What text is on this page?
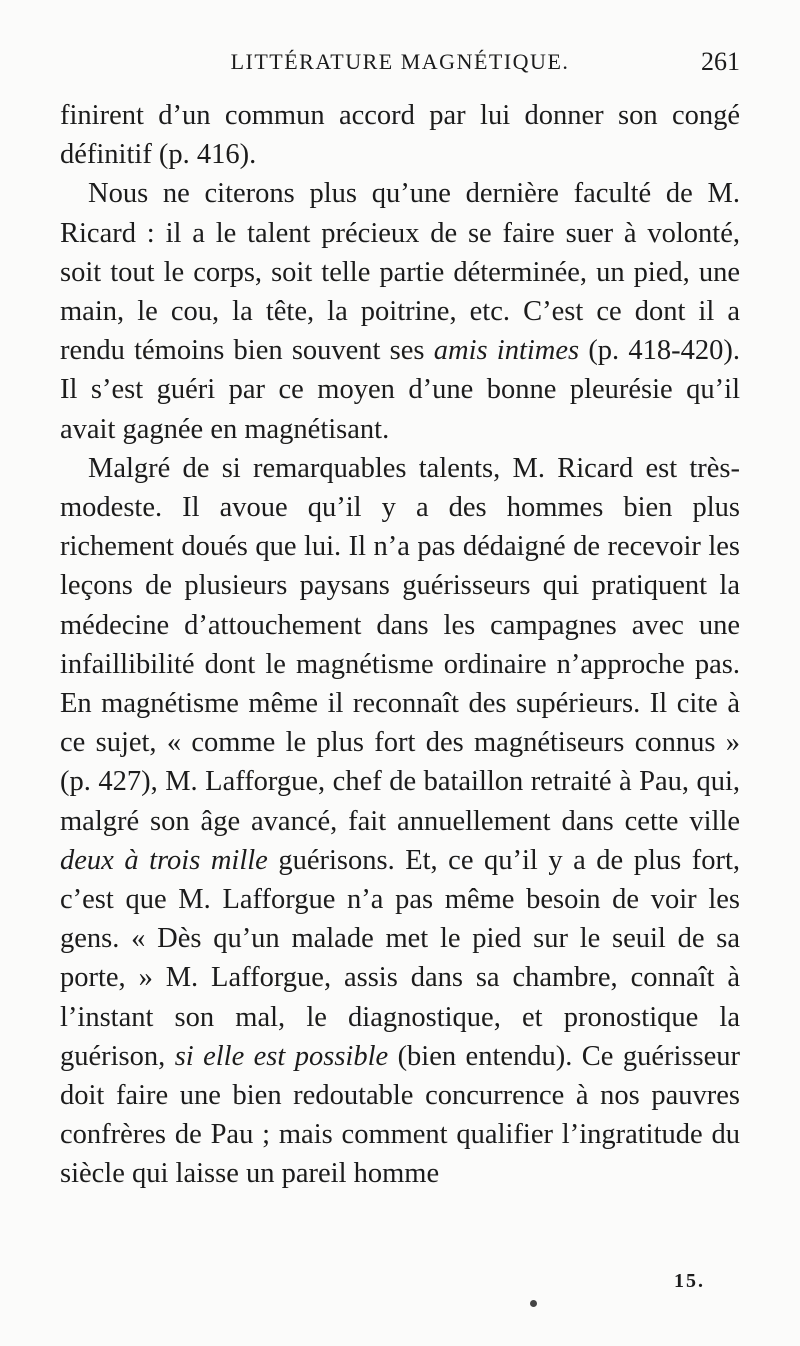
LITTÉRATURE MAGNÉTIQUE.	261

finirent d’un commun accord par lui donner son congé définitif (p. 416).

Nous ne citerons plus qu’une dernière faculté de M. Ricard : il a le talent précieux de se faire suer à volonté, soit tout le corps, soit telle partie déterminée, un pied, une main, le cou, la tête, la poitrine, etc. C’est ce dont il a rendu témoins bien souvent ses amis intimes (p. 418-420). Il s’est guéri par ce moyen d’une bonne pleurésie qu’il avait gagnée en magnétisant.

Malgré de si remarquables talents, M. Ricard est très-modeste. Il avoue qu’il y a des hommes bien plus richement doués que lui. Il n’a pas dédaigné de recevoir les leçons de plusieurs paysans guérisseurs qui pratiquent la médecine d’attouchement dans les campagnes avec une infaillibilité dont le magnétisme ordinaire n’approche pas. En magnétisme même il reconnaît des supérieurs. Il cite à ce sujet, « comme le plus fort des magnétiseurs connus » (p. 427), M. Lafforgue, chef de bataillon retraité à Pau, qui, malgré son âge avancé, fait annuellement dans cette ville deux à trois mille guérisons. Et, ce qu’il y a de plus fort, c’est que M. Lafforgue n’a pas même besoin de voir les gens. « Dès qu’un malade met le pied sur le seuil de sa porte, » M. Lafforgue, assis dans sa chambre, connaît à l’instant son mal, le diagnostique, et pronostique la guérison, si elle est possible (bien entendu). Ce guérisseur doit faire une bien redoutable concurrence à nos pauvres confrères de Pau ; mais comment qualifier l’ingratitude du siècle qui laisse un pareil homme

15.
